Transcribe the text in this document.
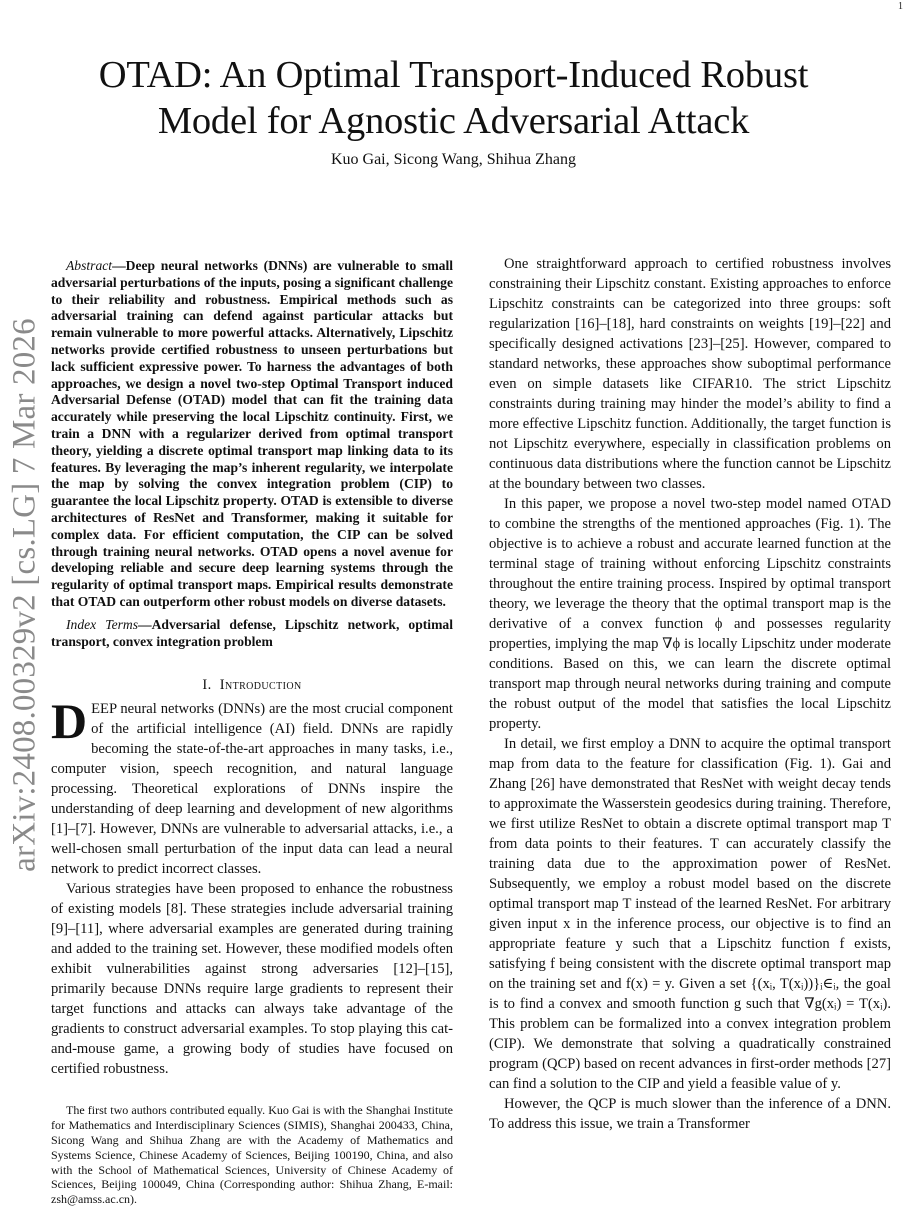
1
arXiv:2408.00329v2 [cs.LG] 7 Mar 2026
OTAD: An Optimal Transport-Induced Robust
Model for Agnostic Adversarial Attack
Kuo Gai, Sicong Wang, Shihua Zhang

Abstract—Deep neural networks (DNNs) are vulnerable to small adversarial perturbations of the inputs, posing a significant challenge to their reliability and robustness. Empirical methods such as adversarial training can defend against particular attacks but remain vulnerable to more powerful attacks. Alternatively, Lipschitz networks provide certified robustness to unseen perturbations but lack sufficient expressive power. To harness the advantages of both approaches, we design a novel two-step Optimal Transport induced Adversarial Defense (OTAD) model that can fit the training data accurately while preserving the local Lipschitz continuity. First, we train a DNN with a regularizer derived from optimal transport theory, yielding a discrete optimal transport map linking data to its features. By leveraging the map’s inherent regularity, we interpolate the map by solving the convex integration problem (CIP) to guarantee the local Lipschitz property. OTAD is extensible to diverse architectures of ResNet and Transformer, making it suitable for complex data. For efficient computation, the CIP can be solved through training neural networks. OTAD opens a novel avenue for developing reliable and secure deep learning systems through the regularity of optimal transport maps. Empirical results demonstrate that OTAD can outperform other robust models on diverse datasets.

Index Terms—Adversarial defense, Lipschitz network, optimal transport, convex integration problem

I. Introduction

DEEP neural networks (DNNs) are the most crucial component of the artificial intelligence (AI) field. DNNs are rapidly becoming the state-of-the-art approaches in many tasks, i.e., computer vision, speech recognition, and natural language processing. Theoretical explorations of DNNs inspire the understanding of deep learning and development of new algorithms [1]–[7]. However, DNNs are vulnerable to adversarial attacks, i.e., a well-chosen small perturbation of the input data can lead a neural network to predict incorrect classes.

Various strategies have been proposed to enhance the robustness of existing models [8]. These strategies include adversarial training [9]–[11], where adversarial examples are generated during training and added to the training set. However, these modified models often exhibit vulnerabilities against strong adversaries [12]–[15], primarily because DNNs require large gradients to represent their target functions and attacks can always take advantage of the gradients to construct adversarial examples. To stop playing this cat-and-mouse game, a growing body of studies have focused on certified robustness.

The first two authors contributed equally. Kuo Gai is with the Shanghai Institute for Mathematics and Interdisciplinary Sciences (SIMIS), Shanghai 200433, China, Sicong Wang and Shihua Zhang are with the Academy of Mathematics and Systems Science, Chinese Academy of Sciences, Beijing 100190, China, and also with the School of Mathematical Sciences, University of Chinese Academy of Sciences, Beijing 100049, China (Corresponding author: Shihua Zhang, E-mail: zsh@amss.ac.cn).

One straightforward approach to certified robustness involves constraining their Lipschitz constant. Existing approaches to enforce Lipschitz constraints can be categorized into three groups: soft regularization [16]–[18], hard constraints on weights [19]–[22] and specifically designed activations [23]–[25]. However, compared to standard networks, these approaches show suboptimal performance even on simple datasets like CIFAR10. The strict Lipschitz constraints during training may hinder the model’s ability to find a more effective Lipschitz function. Additionally, the target function is not Lipschitz everywhere, especially in classification problems on continuous data distributions where the function cannot be Lipschitz at the boundary between two classes.

In this paper, we propose a novel two-step model named OTAD to combine the strengths of the mentioned approaches (Fig. 1). The objective is to achieve a robust and accurate learned function at the terminal stage of training without enforcing Lipschitz constraints throughout the entire training process. Inspired by optimal transport theory, we leverage the theory that the optimal transport map is the derivative of a convex function ϕ and possesses regularity properties, implying the map ∇ϕ is locally Lipschitz under moderate conditions. Based on this, we can learn the discrete optimal transport map through neural networks during training and compute the robust output of the model that satisfies the local Lipschitz property.

In detail, we first employ a DNN to acquire the optimal transport map from data to the feature for classification (Fig. 1). Gai and Zhang [26] have demonstrated that ResNet with weight decay tends to approximate the Wasserstein geodesics during training. Therefore, we first utilize ResNet to obtain a discrete optimal transport map T from data points to their features. T can accurately classify the training data due to the approximation power of ResNet. Subsequently, we employ a robust model based on the discrete optimal transport map T instead of the learned ResNet. For arbitrary given input x in the inference process, our objective is to find an appropriate feature y such that a Lipschitz function f exists, satisfying f being consistent with the discrete optimal transport map on the training set and f(x) = y. Given a set {(xᵢ, T(xᵢ))}ᵢ∈ᵢ, the goal is to find a convex and smooth function g such that ∇g(xᵢ) = T(xᵢ). This problem can be formalized into a convex integration problem (CIP). We demonstrate that solving a quadratically constrained program (QCP) based on recent advances in first-order methods [27] can find a solution to the CIP and yield a feasible value of y.

However, the QCP is much slower than the inference of a DNN. To address this issue, we train a Transformer
